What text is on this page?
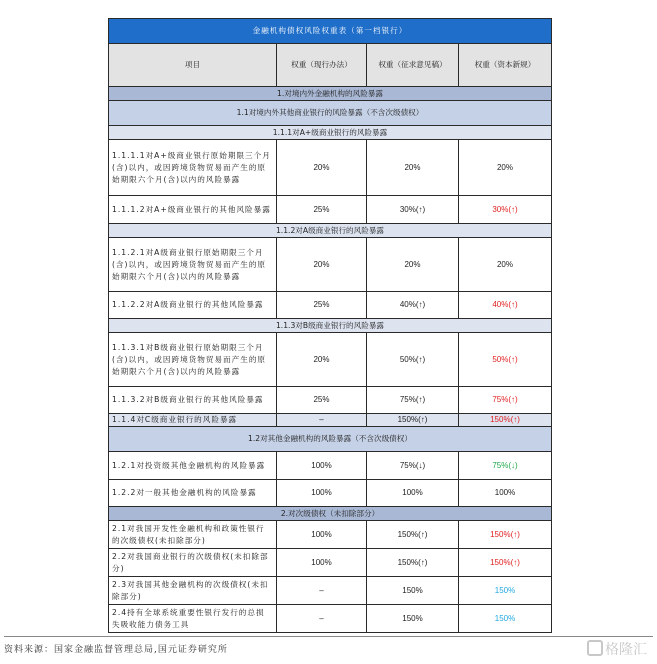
金融机构债权风险权重表（第一档银行）			
项目	权重（现行办法）	权重（征求意见稿）	权重（资本新规）
1.对境内外金融机构的风险暴露			
1.1对境内外其他商业银行的风险暴露（不含次级债权）			
1.1.1对A+级商业银行的风险暴露			
1.1.1.1对A+级商业银行原始期限三个月(含)以内，或因跨境货物贸易而产生的原始期限六个月(含)以内的风险暴露	20%	20%	20%
1.1.1.2对A+级商业银行的其他风险暴露	25%	30% (↑)	30% (↑)
1.1.2对A级商业银行的风险暴露			
1.1.2.1对A级商业银行原始期限三个月(含)以内，或因跨境货物贸易而产生的原始期限六个月(含)以内的风险暴露	20%	20%	20%
1.1.2.2对A级商业银行的其他风险暴露	25%	40% (↑)	40% (↑)
1.1.3对B级商业银行的风险暴露			
1.1.3.1对B级商业银行原始期限三个月(含)以内，或因跨境货物贸易而产生的原始期限六个月(含)以内的风险暴露	20%	50% (↑)	50% (↑)
1.1.3.2对B级商业银行的其他风险暴露	25%	75% (↑)	75% (↑)
1.1.4对C级商业银行的风险暴露	–	150% (↑)	150% (↑)
1.2对其他金融机构的风险暴露（不含次级债权）			
1.2.1对投资级其他金融机构的风险暴露	100%	75% (↓)	75% (↓)
1.2.2对一般其他金融机构的风险暴露	100%	100%	100%
2.对次级债权（未扣除部分）			
2.1对我国开发性金融机构和政策性银行的次级债权(未扣除部分)	100%	150% (↑)	150% (↑)
2.2对我国商业银行的次级债权(未扣除部分)	100%	150% (↑)	150% (↑)
2.3对我国其他金融机构的次级债权(未扣除部分)	–	150%	150%
2.4持有全球系统重要性银行发行的总损失吸收能力债务工具	–	150%	150%
资料来源：国家金融监督管理总局,国元证券研究所	格隆汇
